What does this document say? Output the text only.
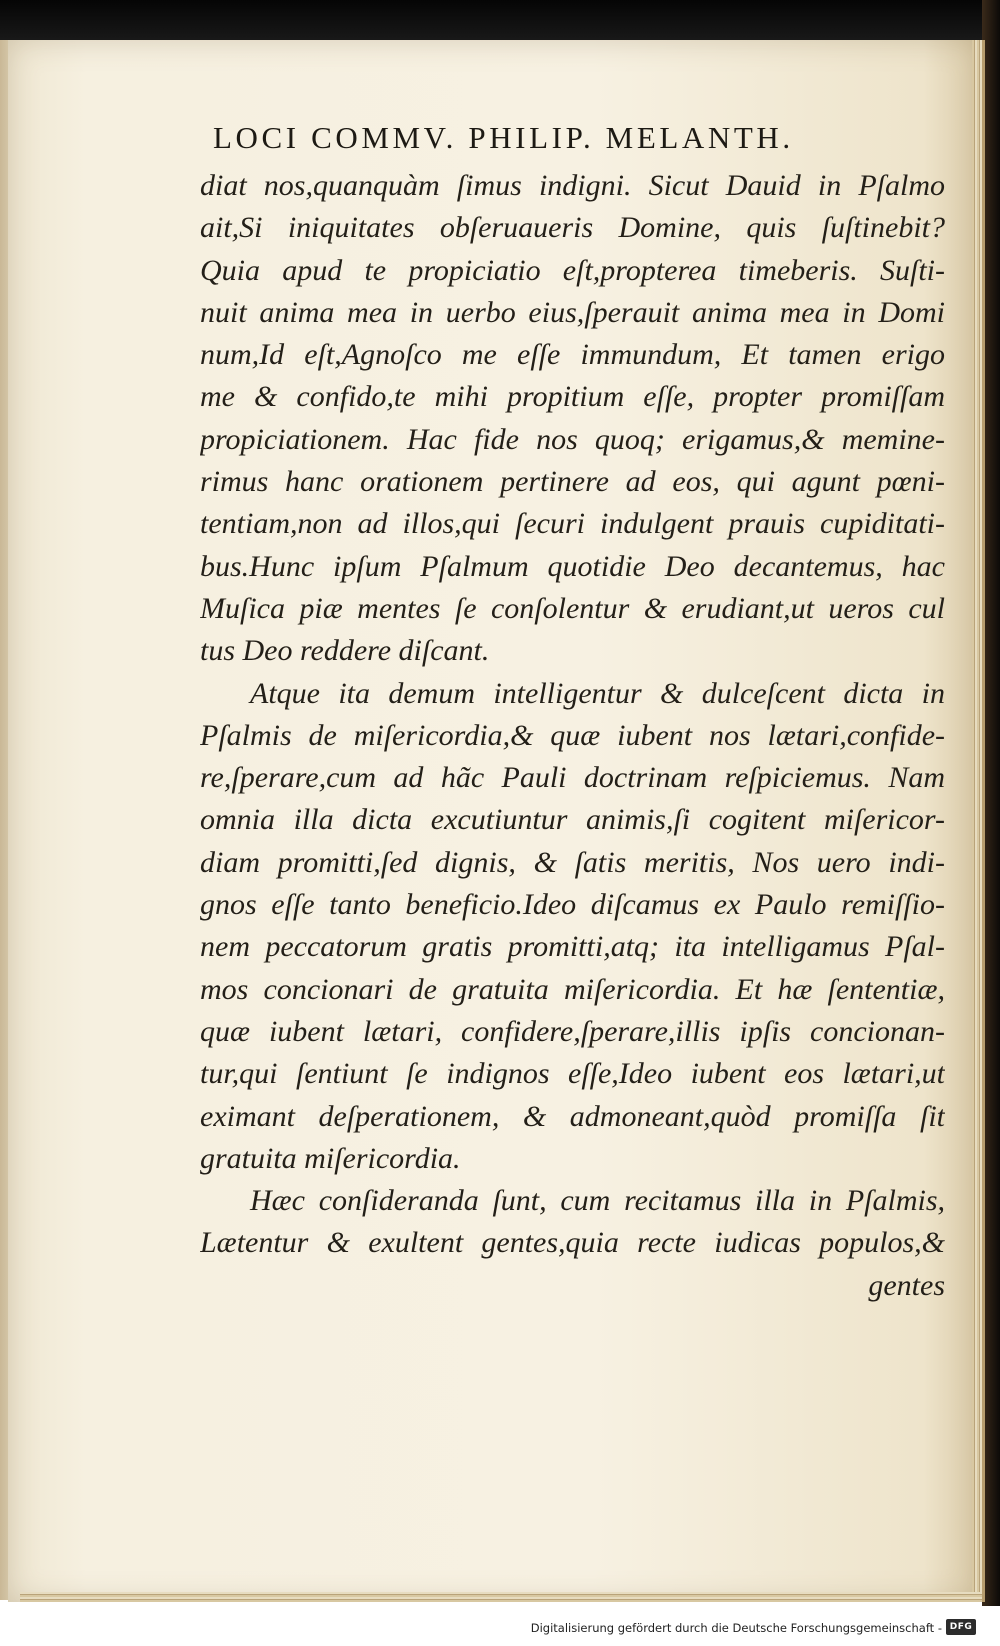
LOCI COMMV. PHILIP. MELANTH.
diat nos,quanquàm ſimus indigni. Sicut Dauid in Pſalmo
ait,Si iniquitates obſeruaueris Domine, quis ſuſtinebit?
Quia apud te propiciatio eſt,propterea timeberis. Suſti-
nuit anima mea in uerbo eius,ſperauit anima mea in Domi
num,Id eſt,Agnoſco me eſſe immundum, Et tamen erigo
me & confido,te mihi propitium eſſe, propter promiſſam
propiciationem. Hac fide nos quoq; erigamus,& memine-
rimus hanc orationem pertinere ad eos, qui agunt pœni-
tentiam,non ad illos,qui ſecuri indulgent prauis cupiditati-
bus.Hunc ipſum Pſalmum quotidie Deo decantemus, hac
Muſica piæ mentes ſe conſolentur & erudiant,ut ueros cul
tus Deo reddere diſcant.
Atque ita demum intelligentur & dulceſcent dicta in
Pſalmis de miſericordia,& quæ iubent nos lætari,confide-
re,ſperare,cum ad hãc Pauli doctrinam reſpiciemus. Nam
omnia illa dicta excutiuntur animis,ſi cogitent miſericor-
diam promitti,ſed dignis, & ſatis meritis, Nos uero indi-
gnos eſſe tanto beneficio.Ideo diſcamus ex Paulo remiſſio-
nem peccatorum gratis promitti,atq; ita intelligamus Pſal-
mos concionari de gratuita miſericordia. Et hæ ſententiæ,
quæ iubent lætari, confidere,ſperare,illis ipſis concionan-
tur,qui ſentiunt ſe indignos eſſe,Ideo iubent eos lætari,ut
eximant deſperationem, & admoneant,quòd promiſſa ſit
gratuita miſericordia.
Hæc conſideranda ſunt, cum recitamus illa in Pſalmis,
Lætentur & exultent gentes,quia recte iudicas populos,&
gentes
Digitalisierung gefördert durch die Deutsche Forschungsgemeinschaft - DFG
